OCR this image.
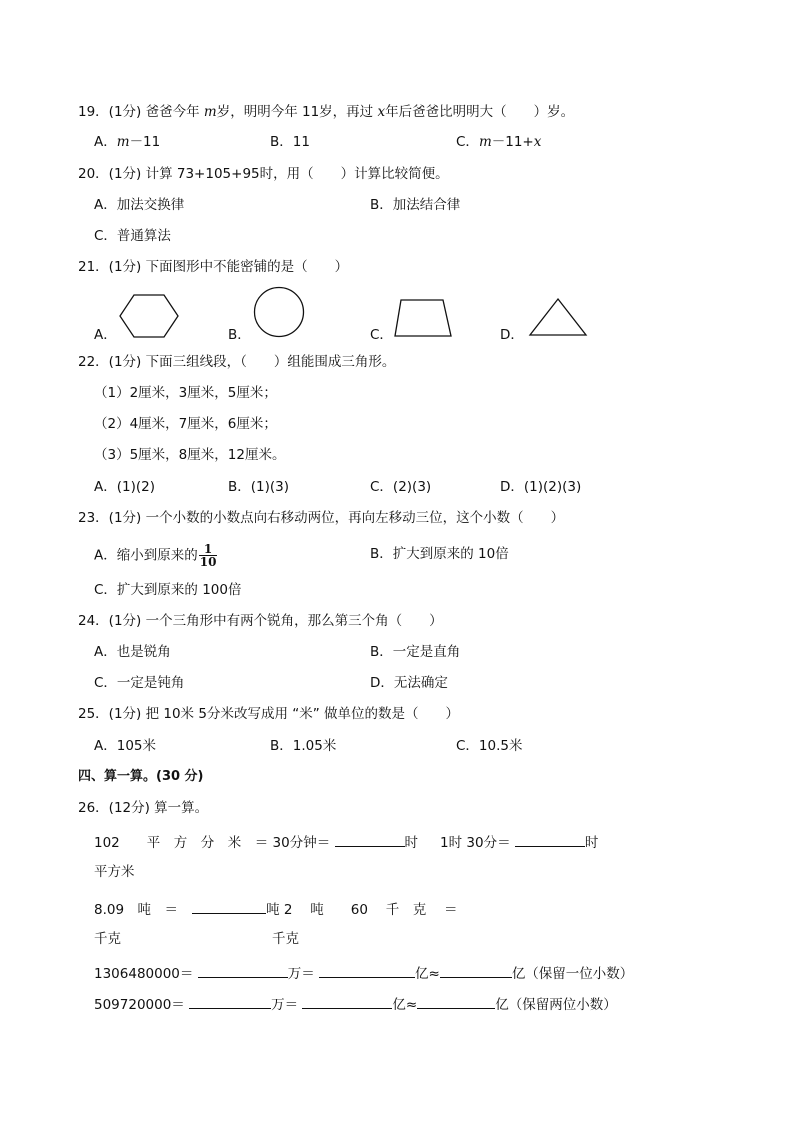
19．(1分) 爸爸今年 m岁，明明今年 11岁，再过 x年后爸爸比明明大（　　）岁。
A．m－11	B．11	C．m－11+x
20．(1分) 计算 73+105+95时，用（　　）计算比较简便。
A．加法交换律	B．加法结合律
C．普通算法
21．(1分) 下面图形中不能密铺的是（　　）
A．	B．	C．	D．
22．(1分) 下面三组线段，（　　）组能围成三角形。
（1）2厘米，3厘米，5厘米；
（2）4厘米，7厘米，6厘米；
（3）5厘米，8厘米，12厘米。
A．(1)(2)	B．(1)(3)	C．(2)(3)	D．(1)(2)(3)
23．(1分) 一个小数的小数点向右移动两位，再向左移动三位，这个小数（　　）
A．缩小到原来的 $\frac{1}{10}$	B．扩大到原来的 10倍
C．扩大到原来的 100倍
24．(1分) 一个三角形中有两个锐角，那么第三个角（　　）
A．也是锐角	B．一定是直角
C．一定是钝角	D．无法确定
25．(1分) 把 10米 5分米改写成用 “米” 做单位的数是（　　）
A．105米	B．1.05米	C．10.5米
四、算一算。(30 分)
26．(12分) 算一算。
102　　平　方　分　米　＝ 30分钟＝	时 1时 30分＝	时
平方米
8.09　吨　＝	吨 2　 吨　　60　 千　克　 ＝
千克	千克
1306480000＝	万＝	亿≈	亿（保留一位小数）
509720000＝	万＝	亿≈	亿（保留两位小数）
